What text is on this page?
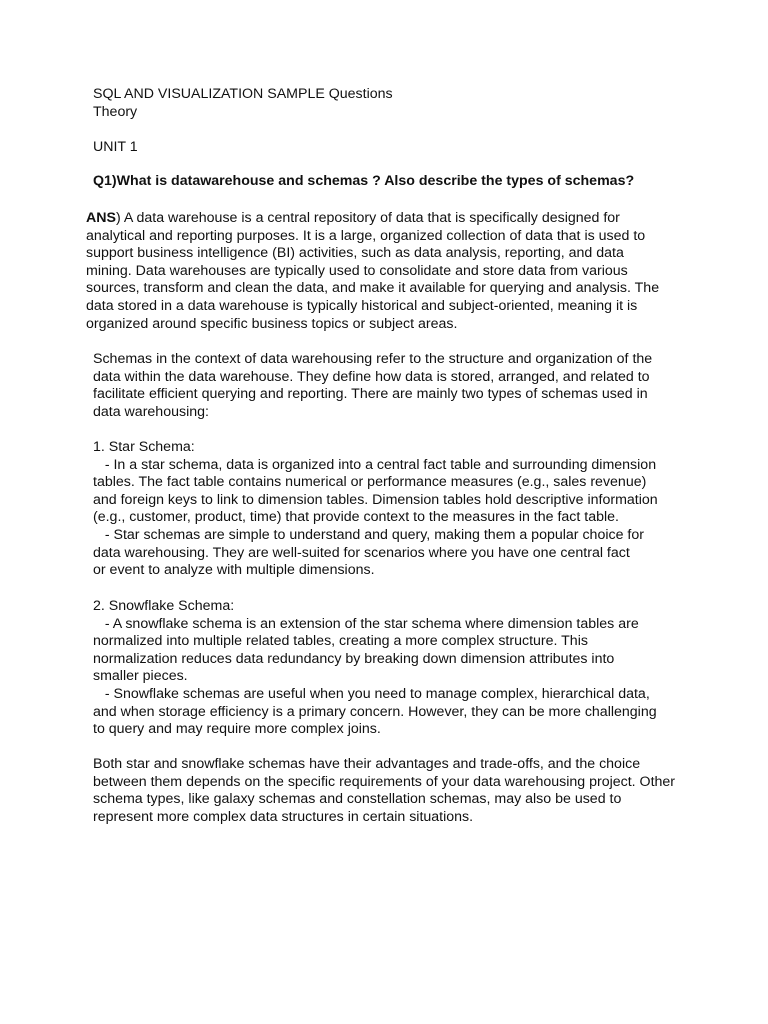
SQL AND VISUALIZATION SAMPLE Questions

Theory

UNIT 1

Q1)What is datawarehouse and schemas ? Also describe the types of schemas?

ANS) A data warehouse is a central repository of data that is specifically designed for
analytical and reporting purposes. It is a large, organized collection of data that is used to
support business intelligence (BI) activities, such as data analysis, reporting, and data
mining. Data warehouses are typically used to consolidate and store data from various
sources, transform and clean the data, and make it available for querying and analysis. The
data stored in a data warehouse is typically historical and subject-oriented, meaning it is
organized around specific business topics or subject areas.
Schemas in the context of data warehousing refer to the structure and organization of the
data within the data warehouse. They define how data is stored, arranged, and related to
facilitate efficient querying and reporting. There are mainly two types of schemas used in
data warehousing:
1. Star Schema:
- In a star schema, data is organized into a central fact table and surrounding dimension
tables. The fact table contains numerical or performance measures (e.g., sales revenue)
and foreign keys to link to dimension tables. Dimension tables hold descriptive information
(e.g., customer, product, time) that provide context to the measures in the fact table.
- Star schemas are simple to understand and query, making them a popular choice for
data warehousing. They are well-suited for scenarios where you have one central fact
or event to analyze with multiple dimensions.
2. Snowflake Schema:
- A snowflake schema is an extension of the star schema where dimension tables are
normalized into multiple related tables, creating a more complex structure. This
normalization reduces data redundancy by breaking down dimension attributes into
smaller pieces.
- Snowflake schemas are useful when you need to manage complex, hierarchical data,
and when storage efficiency is a primary concern. However, they can be more challenging
to query and may require more complex joins.
Both star and snowflake schemas have their advantages and trade-offs, and the choice
between them depends on the specific requirements of your data warehousing project. Other
schema types, like galaxy schemas and constellation schemas, may also be used to
represent more complex data structures in certain situations.
